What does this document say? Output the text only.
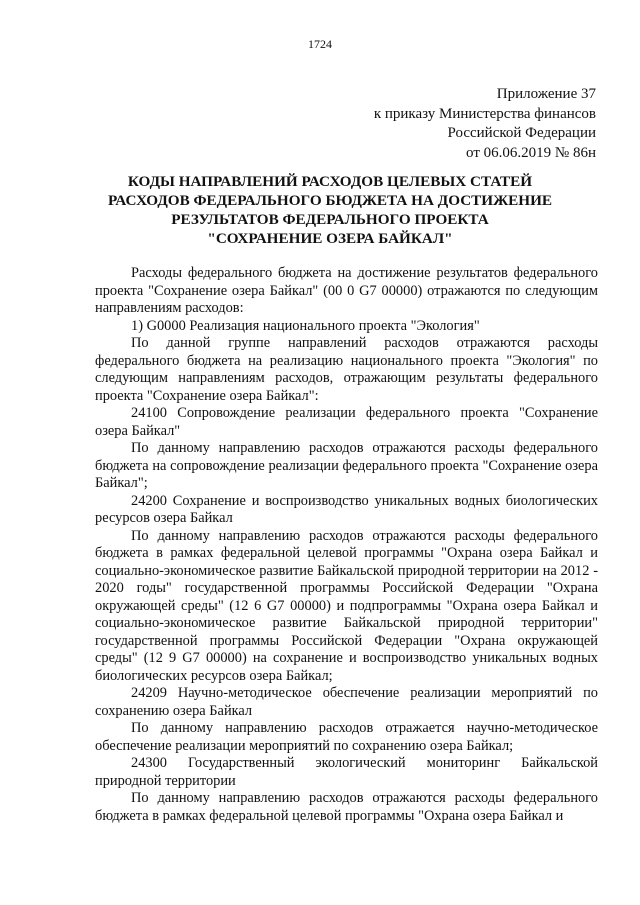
1724
Приложение 37
к приказу Министерства финансов
Российской Федерации
от 06.06.2019 № 86н
КОДЫ НАПРАВЛЕНИЙ РАСХОДОВ ЦЕЛЕВЫХ СТАТЕЙ
РАСХОДОВ ФЕДЕРАЛЬНОГО БЮДЖЕТА НА ДОСТИЖЕНИЕ
РЕЗУЛЬТАТОВ ФЕДЕРАЛЬНОГО ПРОЕКТА
"СОХРАНЕНИЕ ОЗЕРА БАЙКАЛ"

Расходы федерального бюджета на достижение результатов федерального проекта "Сохранение озера Байкал" (00 0 G7 00000) отражаются по следующим направлениям расходов:

1) G0000 Реализация национального проекта "Экология"

По данной группе направлений расходов отражаются расходы федерального бюджета на реализацию национального проекта "Экология" по следующим направлениям расходов, отражающим результаты федерального проекта "Сохранение озера Байкал":

24100 Сопровождение реализации федерального проекта "Сохранение озера Байкал"

По данному направлению расходов отражаются расходы федерального бюджета на сопровождение реализации федерального проекта "Сохранение озера Байкал";

24200 Сохранение и воспроизводство уникальных водных биологических ресурсов озера Байкал

По данному направлению расходов отражаются расходы федерального бюджета в рамках федеральной целевой программы "Охрана озера Байкал и социально-экономическое развитие Байкальской природной территории на 2012 - 2020 годы" государственной программы Российской Федерации "Охрана окружающей среды" (12 6 G7 00000) и подпрограммы "Охрана озера Байкал и социально-экономическое развитие Байкальской природной территории" государственной программы Российской Федерации "Охрана окружающей среды" (12 9 G7 00000) на сохранение и воспроизводство уникальных водных биологических ресурсов озера Байкал;

24209 Научно-методическое обеспечение реализации мероприятий по сохранению озера Байкал

По данному направлению расходов отражается научно-методическое обеспечение реализации мероприятий по сохранению озера Байкал;

24300 Государственный экологический мониторинг Байкальской природной территории

По данному направлению расходов отражаются расходы федерального бюджета в рамках федеральной целевой программы "Охрана озера Байкал и
